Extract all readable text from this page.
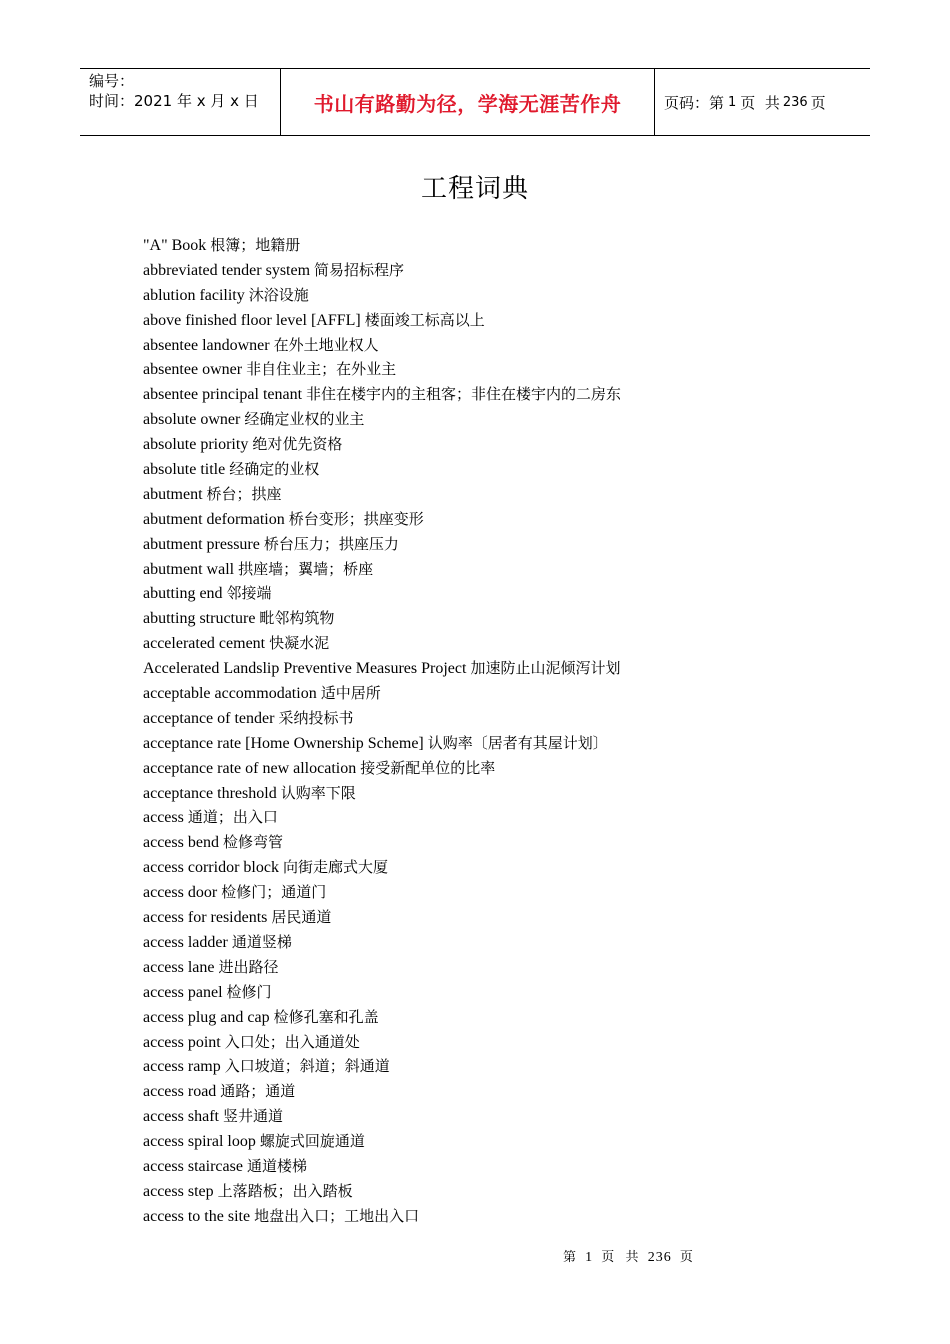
编号：
时间：2021 年 x 月 x 日	书山有路勤为径，学海无涯苦作舟	页码：第 1 页  共 236 页
工程词典
"A" Book 根簿；地籍册
abbreviated tender system 简易招标程序
ablution facility 沐浴设施
above finished floor level [AFFL] 楼面竣工标高以上
absentee landowner 在外土地业权人
absentee owner 非自住业主；在外业主
absentee principal tenant 非住在楼宇内的主租客；非住在楼宇内的二房东
absolute owner 经确定业权的业主
absolute priority 绝对优先资格
absolute title 经确定的业权
abutment 桥台；拱座
abutment deformation 桥台变形；拱座变形
abutment pressure 桥台压力；拱座压力
abutment wall 拱座墙；翼墙；桥座
abutting end 邻接端
abutting structure 毗邻构筑物
accelerated cement 快凝水泥
Accelerated Landslip Preventive Measures Project 加速防止山泥倾泻计划
acceptable accommodation 适中居所
acceptance of tender 采纳投标书
acceptance rate [Home Ownership Scheme] 认购率〔居者有其屋计划〕
acceptance rate of new allocation 接受新配单位的比率
acceptance threshold 认购率下限
access 通道；出入口
access bend 检修弯管
access corridor block 向街走廊式大厦
access door 检修门；通道门
access for residents 居民通道
access ladder 通道竖梯
access lane 进出路径
access panel 检修门
access plug and cap 检修孔塞和孔盖
access point 入口处；出入通道处
access ramp 入口坡道；斜道；斜通道
access road 通路；通道
access shaft 竖井通道
access spiral loop 螺旋式回旋通道
access staircase 通道楼梯
access step 上落踏板；出入踏板
access to the site 地盘出入口；工地出入口
第 1 页  共 236 页
